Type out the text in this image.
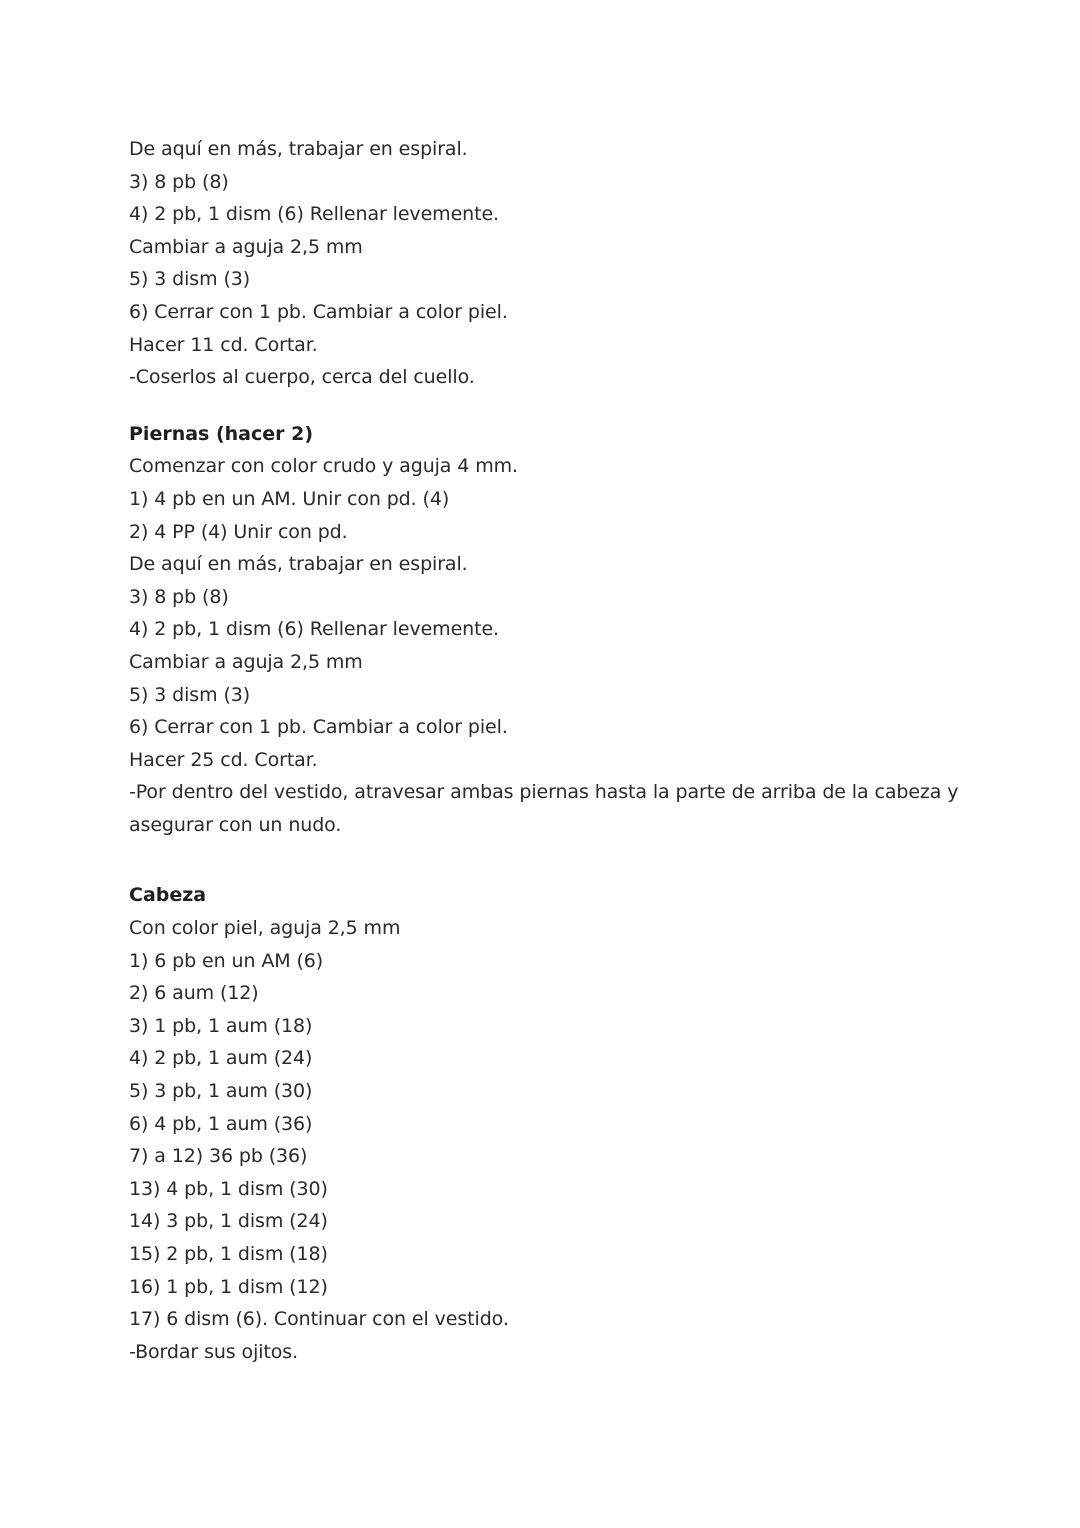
De aquí en más, trabajar en espiral.
3) 8 pb (8)
4) 2 pb, 1 dism (6) Rellenar levemente.
Cambiar a aguja 2,5 mm
5) 3 dism (3)
6) Cerrar con 1 pb. Cambiar a color piel.
Hacer 11 cd. Cortar.
-Coserlos al cuerpo, cerca del cuello.
Piernas (hacer 2)
Comenzar con color crudo y aguja 4 mm.
1) 4 pb en un AM. Unir con pd. (4)
2) 4 PP (4) Unir con pd.
De aquí en más, trabajar en espiral.
3) 8 pb (8)
4) 2 pb, 1 dism (6) Rellenar levemente.
Cambiar a aguja 2,5 mm
5) 3 dism (3)
6) Cerrar con 1 pb. Cambiar a color piel.
Hacer 25 cd. Cortar.
-Por dentro del vestido, atravesar ambas piernas hasta la parte de arriba de la cabeza y asegurar con un nudo.
Cabeza
Con color piel, aguja 2,5 mm
1) 6 pb en un AM (6)
2) 6 aum (12)
3) 1 pb, 1 aum (18)
4) 2 pb, 1 aum (24)
5) 3 pb, 1 aum (30)
6) 4 pb, 1 aum (36)
7) a 12) 36 pb (36)
13) 4 pb, 1 dism (30)
14) 3 pb, 1 dism (24)
15) 2 pb, 1 dism (18)
16) 1 pb, 1 dism (12)
17) 6 dism (6). Continuar con el vestido.
-Bordar sus ojitos.
